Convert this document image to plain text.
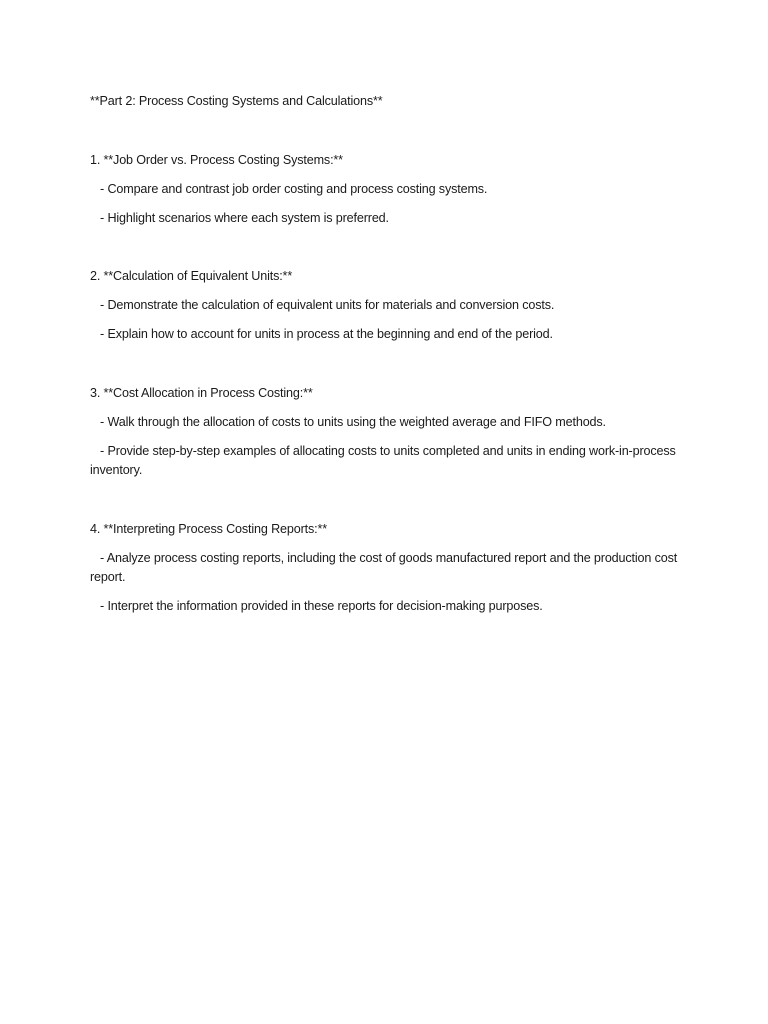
**Part 2: Process Costing Systems and Calculations**

1. **Job Order vs. Process Costing Systems:**

- Compare and contrast job order costing and process costing systems.

- Highlight scenarios where each system is preferred.

2. **Calculation of Equivalent Units:**

- Demonstrate the calculation of equivalent units for materials and conversion costs.

- Explain how to account for units in process at the beginning and end of the period.

3. **Cost Allocation in Process Costing:**

- Walk through the allocation of costs to units using the weighted average and FIFO methods.

- Provide step-by-step examples of allocating costs to units completed and units in ending work-in-process inventory.

4. **Interpreting Process Costing Reports:**

- Analyze process costing reports, including the cost of goods manufactured report and the production cost report.

- Interpret the information provided in these reports for decision-making purposes.
